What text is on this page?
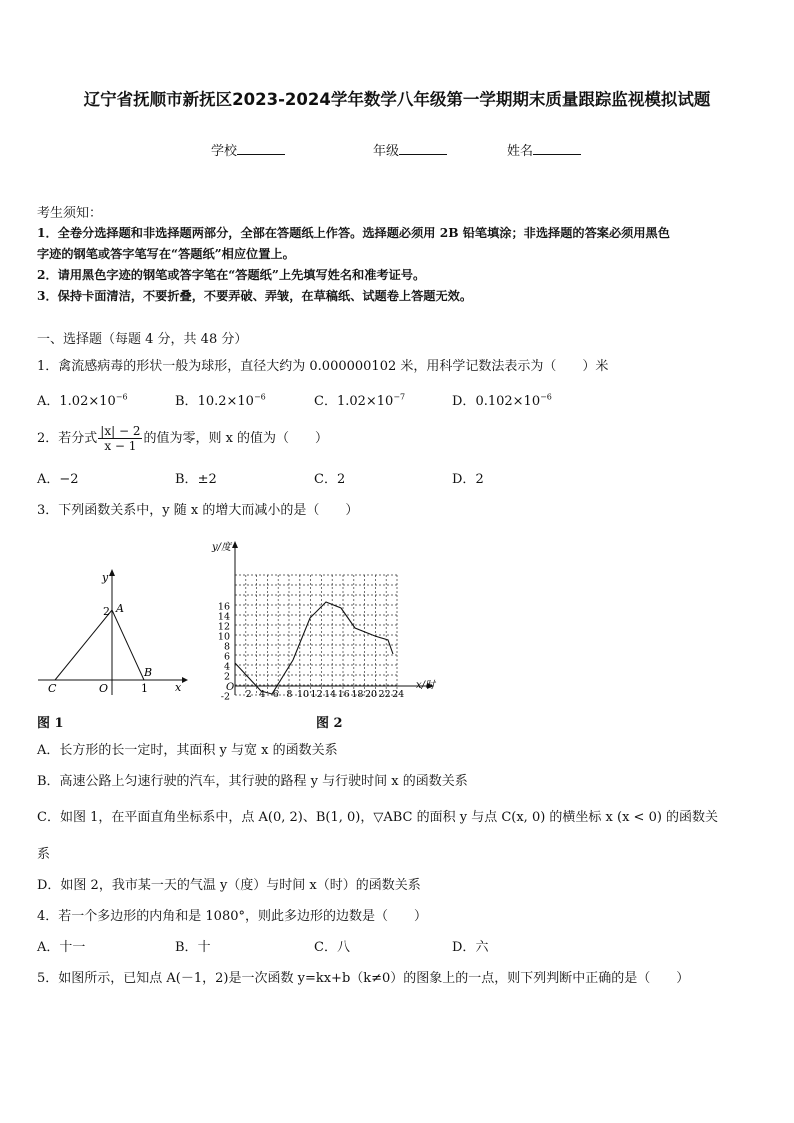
辽宁省抚顺市新抚区2023-2024学年数学八年级第一学期期末质量跟踪监视模拟试题
学校	年级	姓名
考生须知：
1．全卷分选择题和非选择题两部分，全部在答题纸上作答。选择题必须用 2B 铅笔填涂；非选择题的答案必须用黑色
字迹的钢笔或答字笔写在“答题纸”相应位置上。
2．请用黑色字迹的钢笔或答字笔在“答题纸”上先填写姓名和准考证号。
3．保持卡面清洁，不要折叠，不要弄破、弄皱，在草稿纸、试题卷上答题无效。
一、选择题（每题 4 分，共 48 分）
1．禽流感病毒的形状一般为球形，直径大约为 0.000000102 米，用科学记数法表示为（　　）米
A．$1.02\times 10^{-6}$	B．$10.2\times 10^{-6}$	C．$1.02\times 10^{-7}$	D．$0.102\times 10^{-6}$
2．若分式 $\frac{|x| - 2}{x - 1}$ 的值为零，则 x 的值为（　　）
A．−2	B．±2	C．2	D．2
3．下列函数关系中，y 随 x 的增大而减小的是（　　）
y
x
2 A
B
C	O	1
y/度
x/时
O
16
14
12
10
8
6
4
2
-2 2 4 6 8 10 12 14 16 18 20 22 24
图 1	图 2
A．长方形的长一定时，其面积 y 与宽 x 的函数关系
B．高速公路上匀速行驶的汽车，其行驶的路程 y 与行驶时间 x 的函数关系
C．如图 1，在平面直角坐标系中，点 A(0, 2)、B(1, 0)，▽ABC 的面积 y 与点 C(x, 0) 的横坐标 x (x < 0) 的函数关
系
D．如图 2，我市某一天的气温 y（度）与时间 x（时）的函数关系
4．若一个多边形的内角和是 1080°，则此多边形的边数是（　　）
A．十一	B．十	C．八	D．六
5．如图所示，已知点 A(－1，2)是一次函数 y=kx+b（k≠0）的图象上的一点，则下列判断中正确的是（　　）
